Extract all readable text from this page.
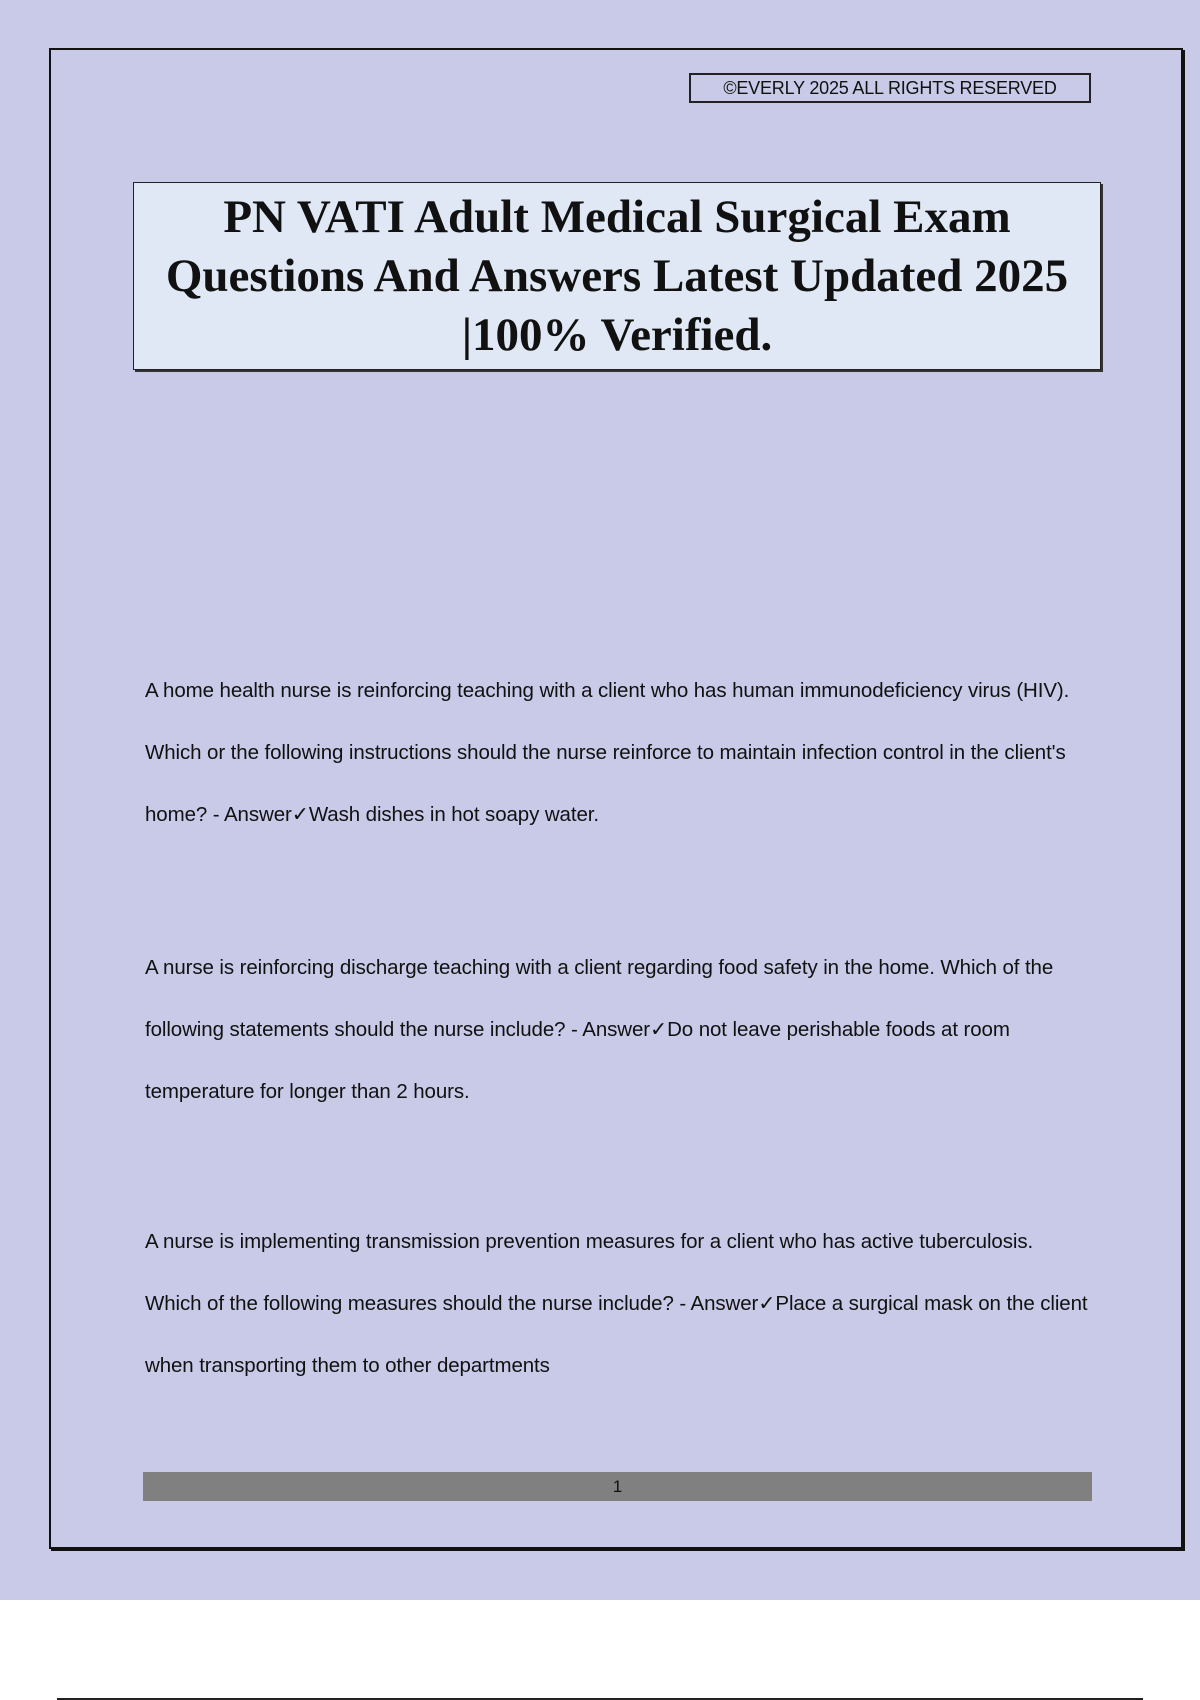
©EVERLY 2025 ALL RIGHTS RESERVED
PN VATI Adult Medical Surgical Exam
Questions And Answers Latest Updated 2025
|100% Verified.
A home health nurse is reinforcing teaching with a client who has human immunodeficiency virus (HIV). Which or the following instructions should the nurse reinforce to maintain infection control in the client's home? - Answer✓Wash dishes in hot soapy water.
A nurse is reinforcing discharge teaching with a client regarding food safety in the home. Which of the following statements should the nurse include? - Answer✓Do not leave perishable foods at room temperature for longer than 2 hours.
A nurse is implementing transmission prevention measures for a client who has active tuberculosis. Which of the following measures should the nurse include? - Answer✓Place a surgical mask on the client when transporting them to other departments
1
